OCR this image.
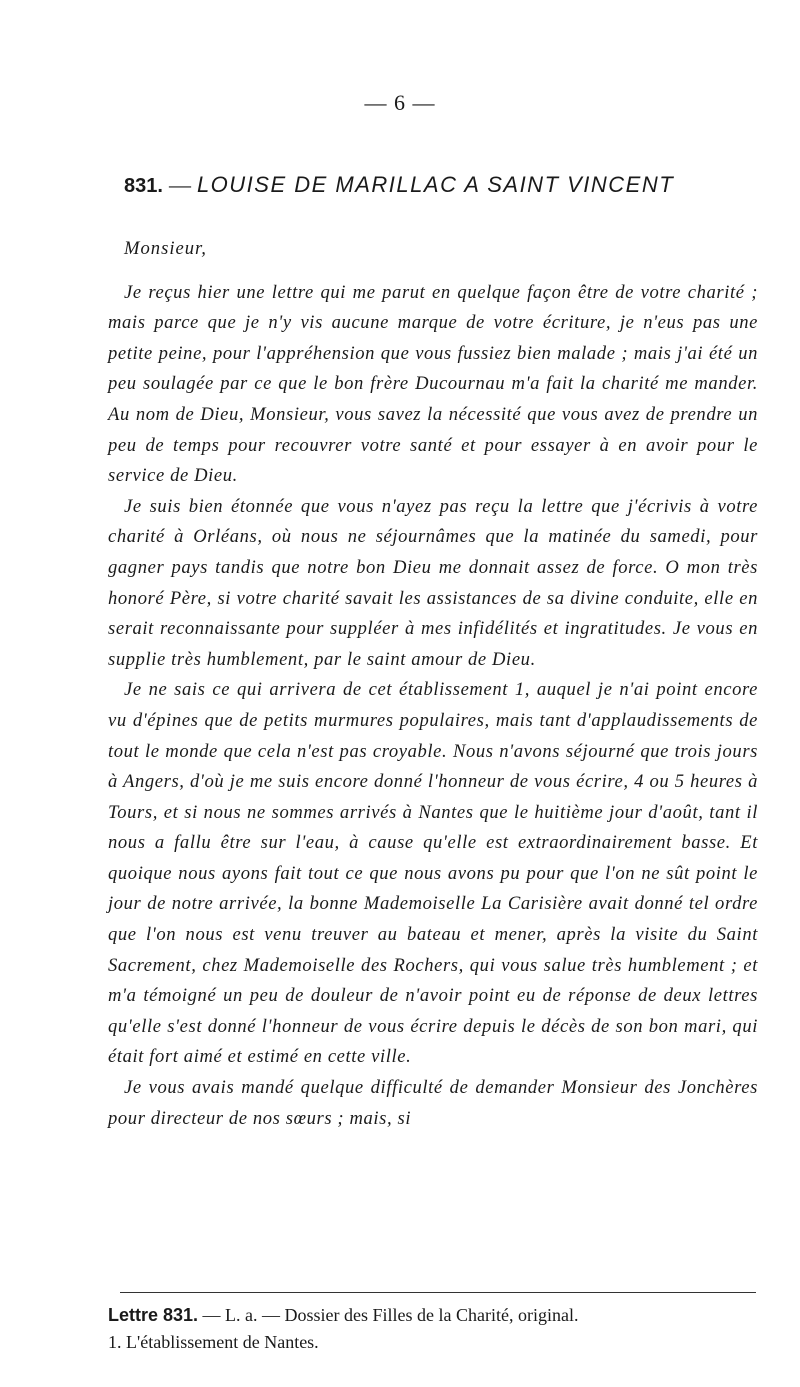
— 6 —
831. — LOUISE DE MARILLAC A SAINT VINCENT

Monsieur,

Je reçus hier une lettre qui me parut en quelque façon être de votre charité ; mais parce que je n'y vis aucune marque de votre écriture, je n'eus pas une petite peine, pour l'appréhension que vous fussiez bien malade ; mais j'ai été un peu soulagée par ce que le bon frère Ducournau m'a fait la charité me mander. Au nom de Dieu, Monsieur, vous savez la nécessité que vous avez de prendre un peu de temps pour recouvrer votre santé et pour essayer à en avoir pour le service de Dieu.

Je suis bien étonnée que vous n'ayez pas reçu la lettre que j'écrivis à votre charité à Orléans, où nous ne séjournâmes que la matinée du samedi, pour gagner pays tandis que notre bon Dieu me donnait assez de force. O mon très honoré Père, si votre charité savait les assistances de sa divine conduite, elle en serait reconnaissante pour suppléer à mes infidélités et ingratitudes. Je vous en supplie très humblement, par le saint amour de Dieu.

Je ne sais ce qui arrivera de cet établissement 1, auquel je n'ai point encore vu d'épines que de petits murmures populaires, mais tant d'applaudissements de tout le monde que cela n'est pas croyable. Nous n'avons séjourné que trois jours à Angers, d'où je me suis encore donné l'honneur de vous écrire, 4 ou 5 heures à Tours, et si nous ne sommes arrivés à Nantes que le huitième jour d'août, tant il nous a fallu être sur l'eau, à cause qu'elle est extraordinairement basse. Et quoique nous ayons fait tout ce que nous avons pu pour que l'on ne sût point le jour de notre arrivée, la bonne Mademoiselle La Carisière avait donné tel ordre que l'on nous est venu treuver au bateau et mener, après la visite du Saint Sacrement, chez Mademoiselle des Rochers, qui vous salue très humblement ; et m'a témoigné un peu de douleur de n'avoir point eu de réponse de deux lettres qu'elle s'est donné l'honneur de vous écrire depuis le décès de son bon mari, qui était fort aimé et estimé en cette ville.

Je vous avais mandé quelque difficulté de demander Monsieur des Jonchères pour directeur de nos sœurs ; mais, si

Lettre 831. — L. a. — Dossier des Filles de la Charité, original.

1. L'établissement de Nantes.
